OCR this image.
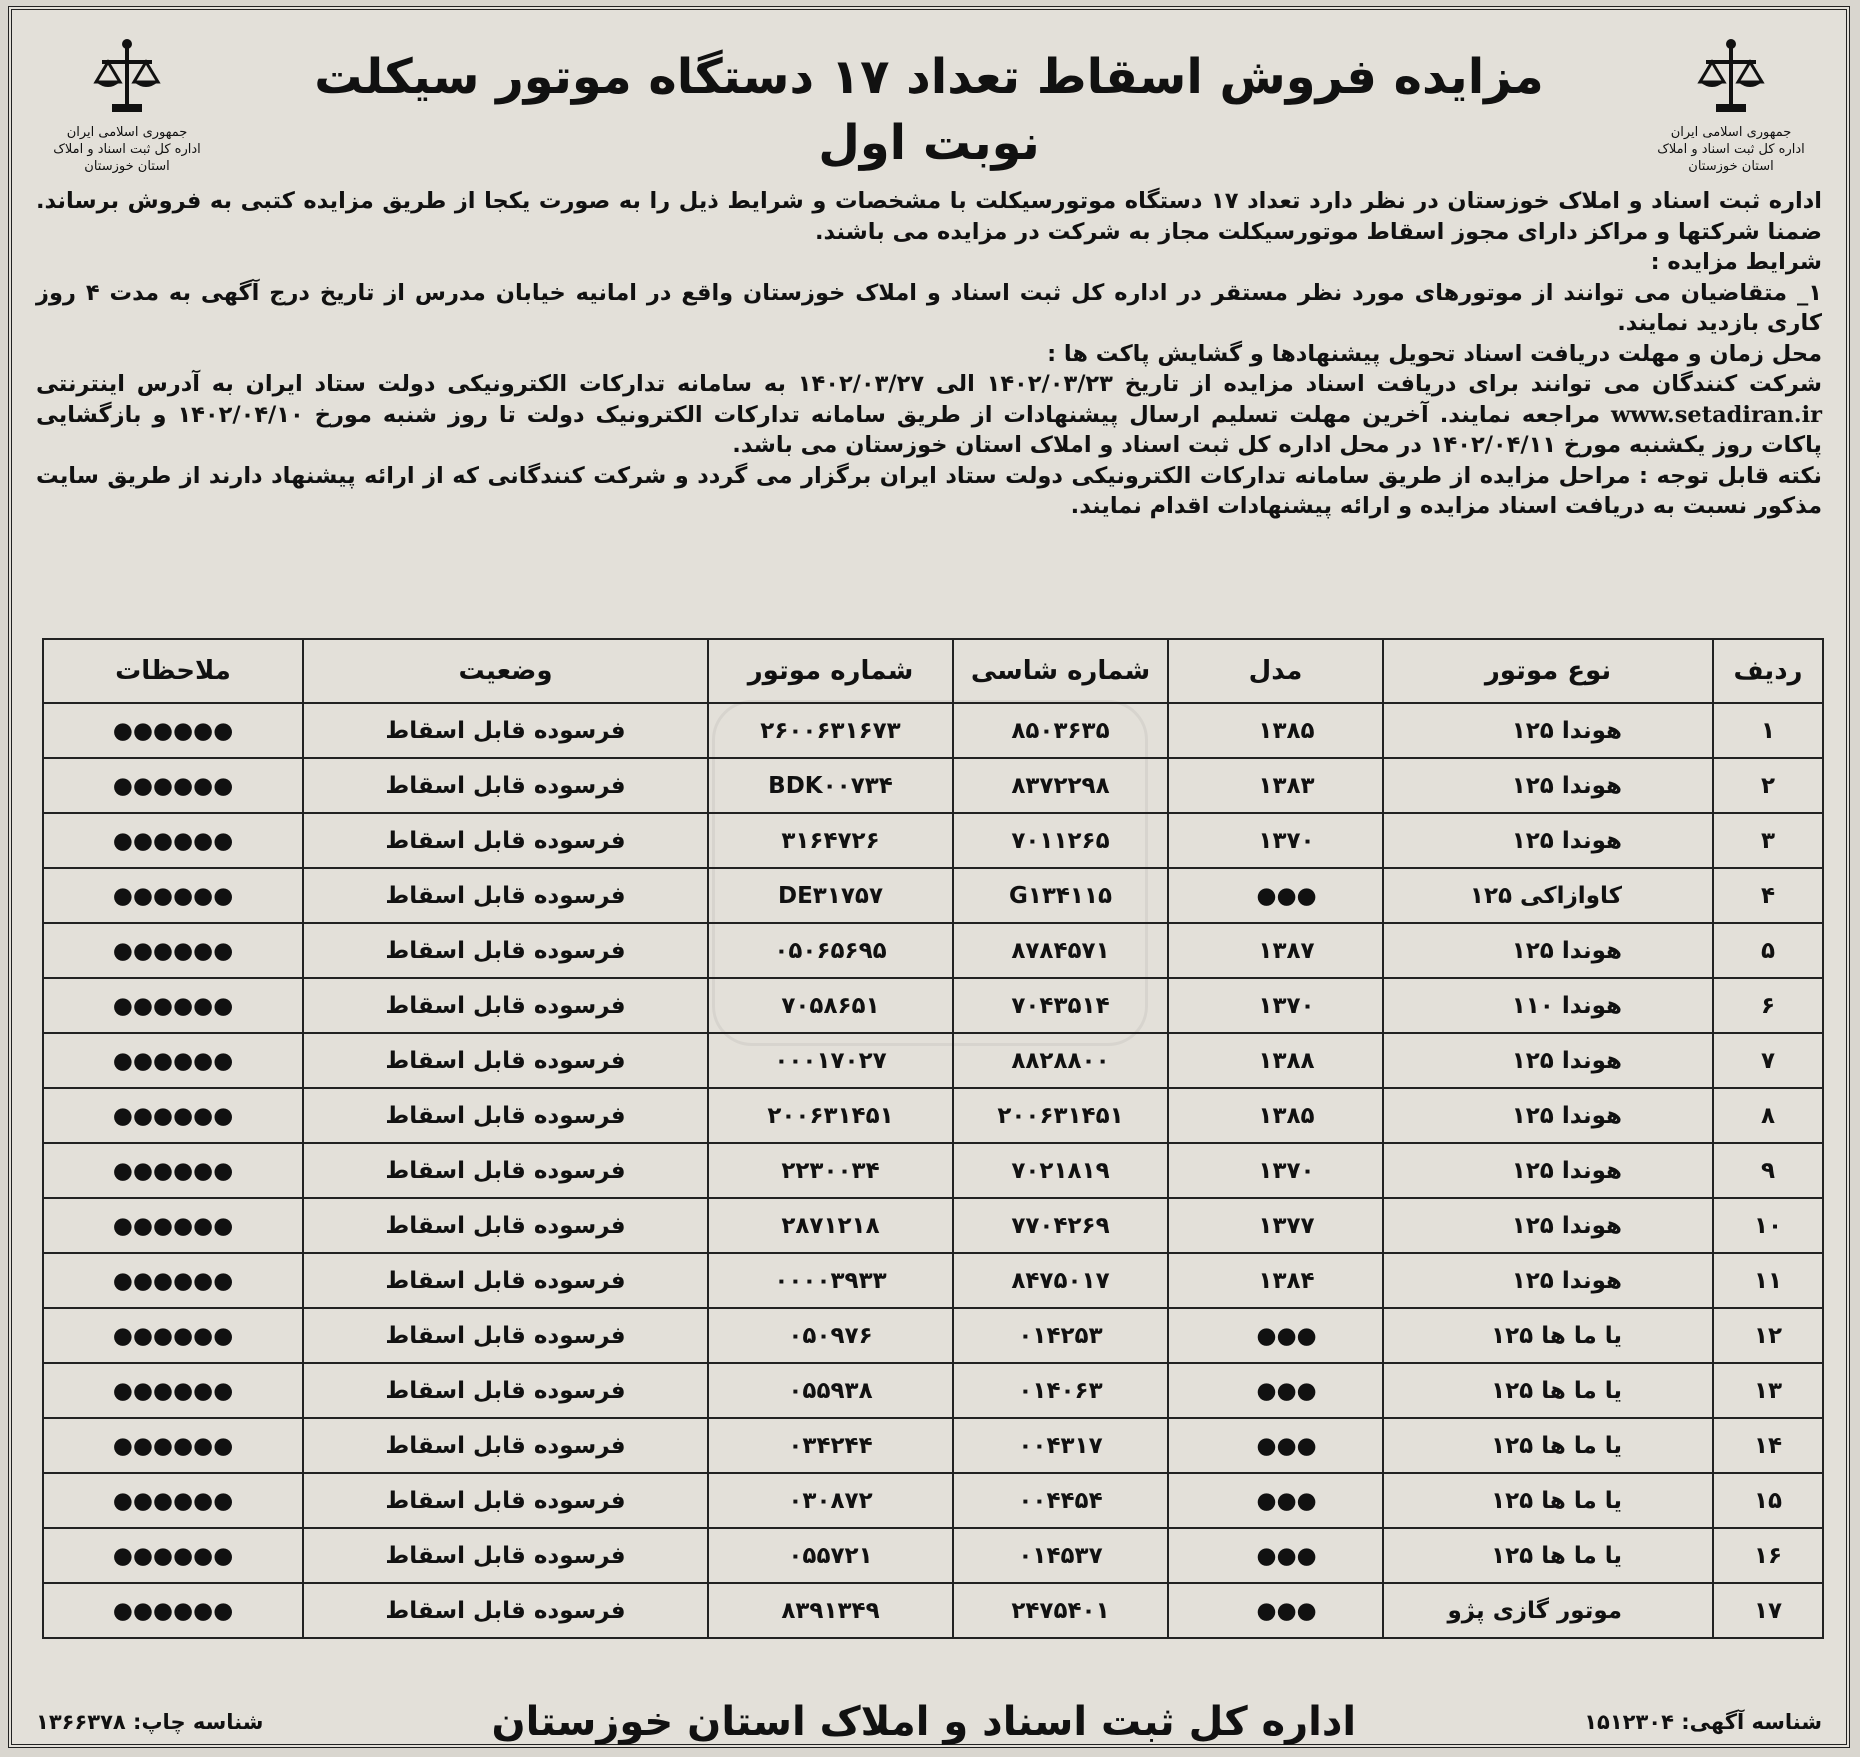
جمهوری اسلامی ایران
اداره کل ثبت اسناد و املاک
استان خوزستان
جمهوری اسلامی ایران
اداره کل ثبت اسناد و املاک
استان خوزستان
مزایده فروش اسقاط تعداد ۱۷ دستگاه موتور سیکلت
نوبت اول

اداره ثبت اسناد و املاک خوزستان در نظر دارد تعداد ۱۷ دستگاه موتورسیکلت با مشخصات و شرایط ذیل را به صورت یکجا از طریق مزایده کتبی به فروش برساند. ضمنا شرکتها و مراکز دارای مجوز اسقاط موتورسیکلت مجاز به شرکت در مزایده می باشند.

شرایط مزایده :

۱_ متقاضیان می توانند از موتورهای مورد نظر مستقر در اداره کل ثبت اسناد و املاک خوزستان واقع در امانیه خیابان مدرس از تاریخ درج آگهی به مدت ۴ روز کاری بازدید نمایند.

محل زمان و مهلت دریافت اسناد تحویل پیشنهادها و گشایش پاکت ها :

شرکت کنندگان می توانند برای دریافت اسناد مزایده از تاریخ ۱۴۰۲/۰۳/۲۳ الی ۱۴۰۲/۰۳/۲۷ به سامانه تدارکات الکترونیکی دولت ستاد ایران به آدرس اینترنتی www.setadiran.ir مراجعه نمایند. آخرین مهلت تسلیم ارسال پیشنهادات از طریق سامانه تدارکات الکترونیک دولت تا روز شنبه مورخ ۱۴۰۲/۰۴/۱۰ و بازگشایی پاکات روز یکشنبه مورخ ۱۴۰۲/۰۴/۱۱ در محل اداره کل ثبت اسناد و املاک استان خوزستان می باشد.

نکته قابل توجه : مراحل مزایده از طریق سامانه تدارکات الکترونیکی دولت ستاد ایران برگزار می گردد و شرکت کنندگانی که از ارائه پیشنهاد دارند از طریق سایت مذکور نسبت به دریافت اسناد مزایده و ارائه پیشنهادات اقدام نمایند.

ردیف	نوع موتور	مدل	شماره شاسی	شماره موتور	وضعیت	ملاحظات
۱	هوندا ۱۲۵	۱۳۸۵	۸۵۰۳۶۳۵	۲۶۰۰۶۳۱۶۷۳	فرسوده قابل اسقاط	●●●●●●
۲	هوندا ۱۲۵	۱۳۸۳	۸۳۷۲۲۹۸	BDK۰۰۷۳۴	فرسوده قابل اسقاط	●●●●●●
۳	هوندا ۱۲۵	۱۳۷۰	۷۰۱۱۲۶۵	۳۱۶۴۷۲۶	فرسوده قابل اسقاط	●●●●●●
۴	کاوازاکی ۱۲۵	●●●	G۱۳۴۱۱۵	DE۳۱۷۵۷	فرسوده قابل اسقاط	●●●●●●
۵	هوندا ۱۲۵	۱۳۸۷	۸۷۸۴۵۷۱	۰۵۰۶۵۶۹۵	فرسوده قابل اسقاط	●●●●●●
۶	هوندا ۱۱۰	۱۳۷۰	۷۰۴۳۵۱۴	۷۰۵۸۶۵۱	فرسوده قابل اسقاط	●●●●●●
۷	هوندا ۱۲۵	۱۳۸۸	۸۸۲۸۸۰۰	۰۰۰۱۷۰۲۷	فرسوده قابل اسقاط	●●●●●●
۸	هوندا ۱۲۵	۱۳۸۵	۲۰۰۶۳۱۴۵۱	۲۰۰۶۳۱۴۵۱	فرسوده قابل اسقاط	●●●●●●
۹	هوندا ۱۲۵	۱۳۷۰	۷۰۲۱۸۱۹	۲۲۳۰۰۳۴	فرسوده قابل اسقاط	●●●●●●
۱۰	هوندا ۱۲۵	۱۳۷۷	۷۷۰۴۲۶۹	۲۸۷۱۲۱۸	فرسوده قابل اسقاط	●●●●●●
۱۱	هوندا ۱۲۵	۱۳۸۴	۸۴۷۵۰۱۷	۰۰۰۰۳۹۳۳	فرسوده قابل اسقاط	●●●●●●
۱۲	یا ما ها ۱۲۵	●●●	۰۱۴۲۵۳	۰۵۰۹۷۶	فرسوده قابل اسقاط	●●●●●●
۱۳	یا ما ها ۱۲۵	●●●	۰۱۴۰۶۳	۰۵۵۹۳۸	فرسوده قابل اسقاط	●●●●●●
۱۴	یا ما ها ۱۲۵	●●●	۰۰۴۳۱۷	۰۳۴۲۴۴	فرسوده قابل اسقاط	●●●●●●
۱۵	یا ما ها ۱۲۵	●●●	۰۰۴۴۵۴	۰۳۰۸۷۲	فرسوده قابل اسقاط	●●●●●●
۱۶	یا ما ها ۱۲۵	●●●	۰۱۴۵۳۷	۰۵۵۷۲۱	فرسوده قابل اسقاط	●●●●●●
۱۷	موتور گازی پژو	●●●	۲۴۷۵۴۰۱	۸۳۹۱۳۴۹	فرسوده قابل اسقاط	●●●●●●
شناسه آگهی: ۱۵۱۲۳۰۴
اداره کل ثبت اسناد و املاک استان خوزستان
شناسه چاپ: ۱۳۶۶۳۷۸
